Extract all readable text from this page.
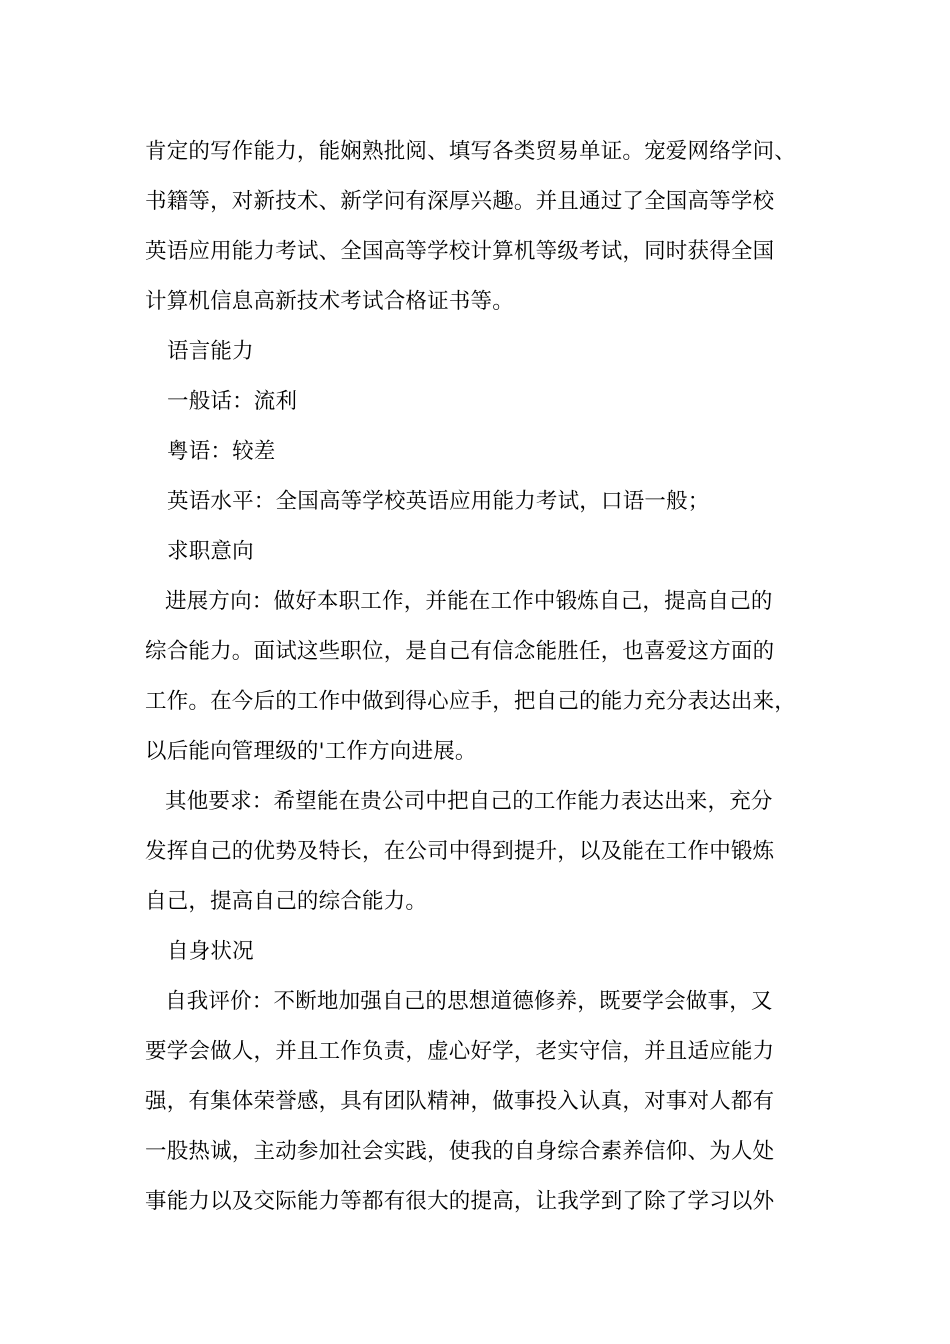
肯定的写作能力，能娴熟批阅、填写各类贸易单证。宠爱网络学问、
书籍等，对新技术、新学问有深厚兴趣。并且通过了全国高等学校
英语应用能力考试、全国高等学校计算机等级考试，同时获得全国
计算机信息高新技术考试合格证书等。
语言能力
一般话：流利
粤语：较差
英语水平：全国高等学校英语应用能力考试，口语一般；
求职意向
进展方向：做好本职工作，并能在工作中锻炼自己，提高自己的
综合能力。面试这些职位，是自己有信念能胜任，也喜爱这方面的
工作。在今后的工作中做到得心应手，把自己的能力充分表达出来，
以后能向管理级的'工作方向进展。
其他要求：希望能在贵公司中把自己的工作能力表达出来，充分
发挥自己的优势及特长，在公司中得到提升，以及能在工作中锻炼
自己，提高自己的综合能力。
自身状况
自我评价：不断地加强自己的思想道德修养，既要学会做事，又
要学会做人，并且工作负责，虚心好学，老实守信，并且适应能力
强，有集体荣誉感，具有团队精神，做事投入认真，对事对人都有
一股热诚，主动参加社会实践，使我的自身综合素养信仰、为人处
事能力以及交际能力等都有很大的提高，让我学到了除了学习以外
